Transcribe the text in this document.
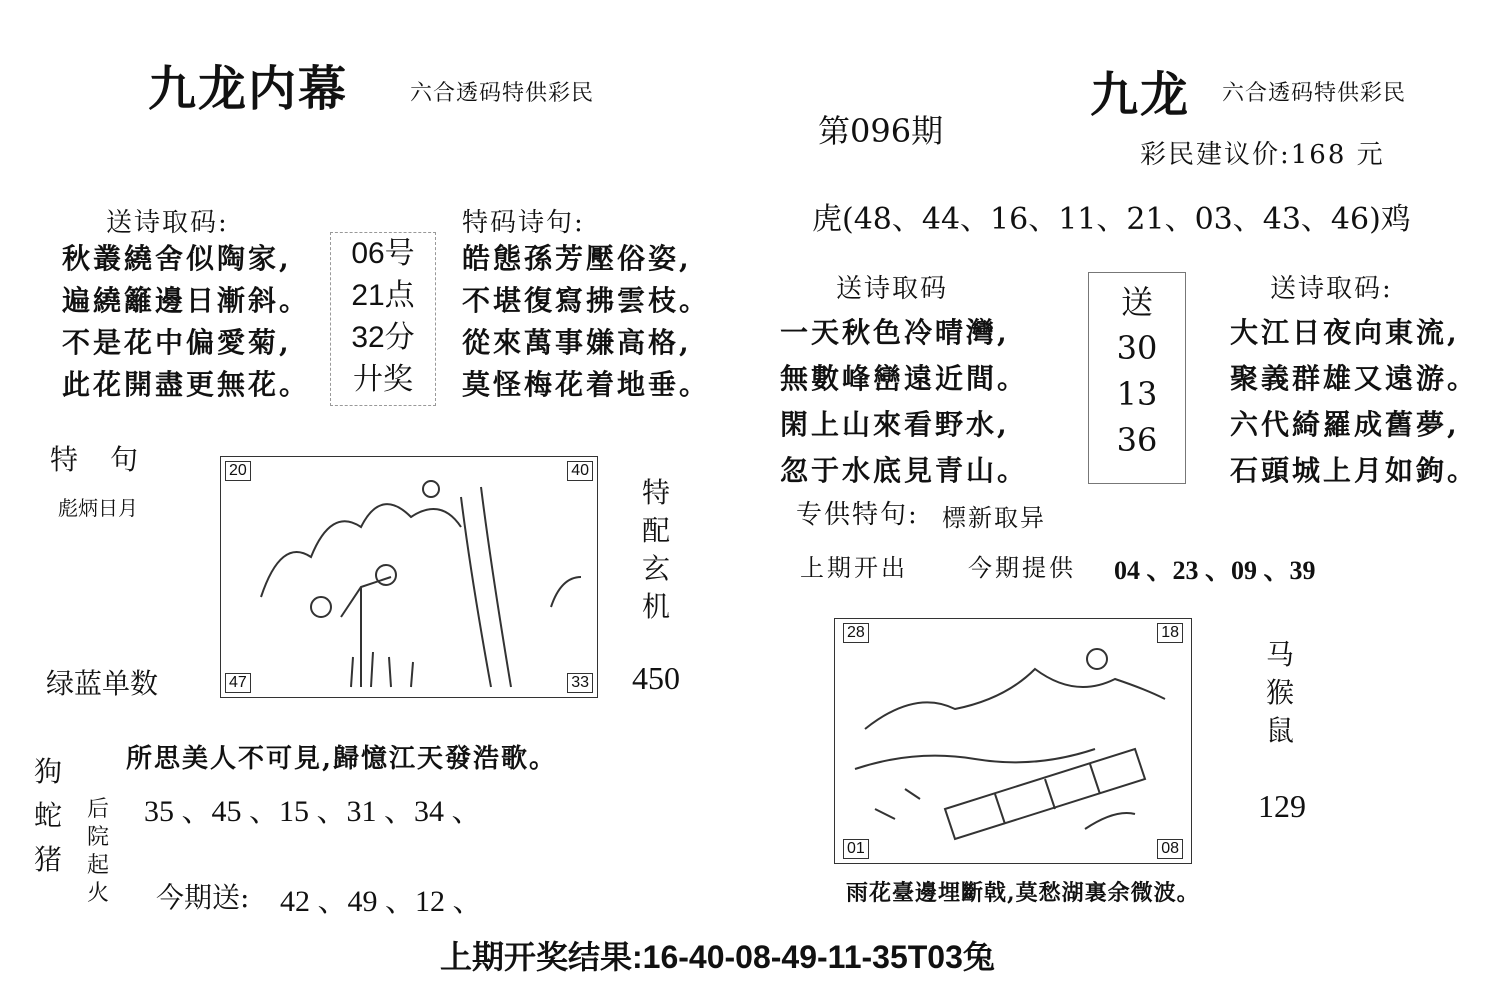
九龙内幕	六合透码特供彩民
送诗取码:
秋叢繞舍似陶家,
遍繞籬邊日漸斜。
不是花中偏愛菊,
此花開盡更無花。
06号
21点
32分
廾奖
特码诗句:
皓態孫芳壓俗姿,
不堪復寫拂雲枝。
從來萬事嫌高格,
莫怪梅花着地垂。
特　句
彪炳日月
20	40
47	33
特
配
玄
机
绿蓝单数	450
狗
蛇
猪
所思美人不可見,歸憶江天發浩歌。
后
院
起
火
35 、45 、15 、31 、34 、
今期送: 42 、49 、12 、
九龙 六合透码特供彩民
第096期
彩民建议价:168 元
虎(48、44、16、11、21、03、43、46)鸡
送诗取码
一天秋色冷晴灣,
無數峰巒遠近間。
閑上山來看野水,
忽于水底見青山。
送
30
13
36
送诗取码:
大江日夜向東流,
聚義群雄又遠游。
六代綺羅成舊夢,
石頭城上月如鉤。
专供特句: 標新取异
上期开出	今期提供 04 、23 、09 、39
28	18
01	08
马
猴
鼠
129
雨花臺邊埋斷戟,莫愁湖裏余微波。
上期开奖结果:16-40-08-49-11-35T03兔
